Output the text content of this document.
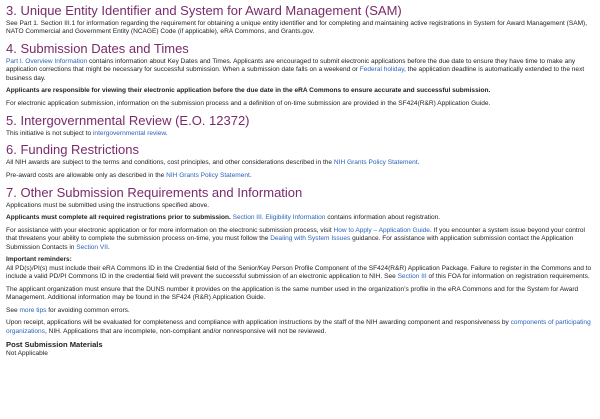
3. Unique Entity Identifier and System for Award Management (SAM)

See Part 1. Section III.1 for information regarding the requirement for obtaining a unique entity identifier and for completing and maintaining active registrations in System for Award Management (SAM), NATO Commercial and Government Entity (NCAGE) Code (if applicable), eRA Commons, and Grants.gov.

4. Submission Dates and Times

Part I. Overview Information contains information about Key Dates and Times. Applicants are encouraged to submit electronic applications before the due date to ensure they have time to make any application corrections that might be necessary for successful submission. When a submission date falls on a weekend or Federal holiday, the application deadline is automatically extended to the next business day.

Applicants are responsible for viewing their electronic application before the due date in the eRA Commons to ensure accurate and successful submission.

For electronic application submission, information on the submission process and a definition of on-time submission are provided in the SF424(R&R) Application Guide.

5. Intergovernmental Review (E.O. 12372)

This initiative is not subject to intergovernmental review.

6. Funding Restrictions

All NIH awards are subject to the terms and conditions, cost principles, and other considerations described in the NIH Grants Policy Statement.

Pre-award costs are allowable only as described in the NIH Grants Policy Statement.

7. Other Submission Requirements and Information

Applications must be submitted using the instructions specified above.

Applicants must complete all required registrations prior to submission. Section III. Eligibility Information contains information about registration.

For assistance with your electronic application or for more information on the electronic submission process, visit How to Apply – Application Guide. If you encounter a system issue beyond your control that threatens your ability to complete the submission process on-time, you must follow the Dealing with System Issues guidance. For assistance with application submission contact the Application Submission Contacts in Section VII.

Important reminders:

All PD(s)/PI(s) must include their eRA Commons ID in the Credential field of the Senior/Key Person Profile Component of the SF424(R&R) Application Package. Failure to register in the Commons and to include a valid PD/PI Commons ID in the credential field will prevent the successful submission of an electronic application to NIH. See Section III of this FOA for information on registration requirements.

The applicant organization must ensure that the DUNS number it provides on the application is the same number used in the organization’s profile in the eRA Commons and for the System for Award Management. Additional information may be found in the SF424 (R&R) Application Guide.

See more tips for avoiding common errors.

Upon receipt, applications will be evaluated for completeness and compliance with application instructions by the staff of the NIH awarding component and responsiveness by components of participating organizations, NIH. Applications that are incomplete, non-compliant and/or nonresponsive will not be reviewed.

Post Submission Materials

Not Applicable
